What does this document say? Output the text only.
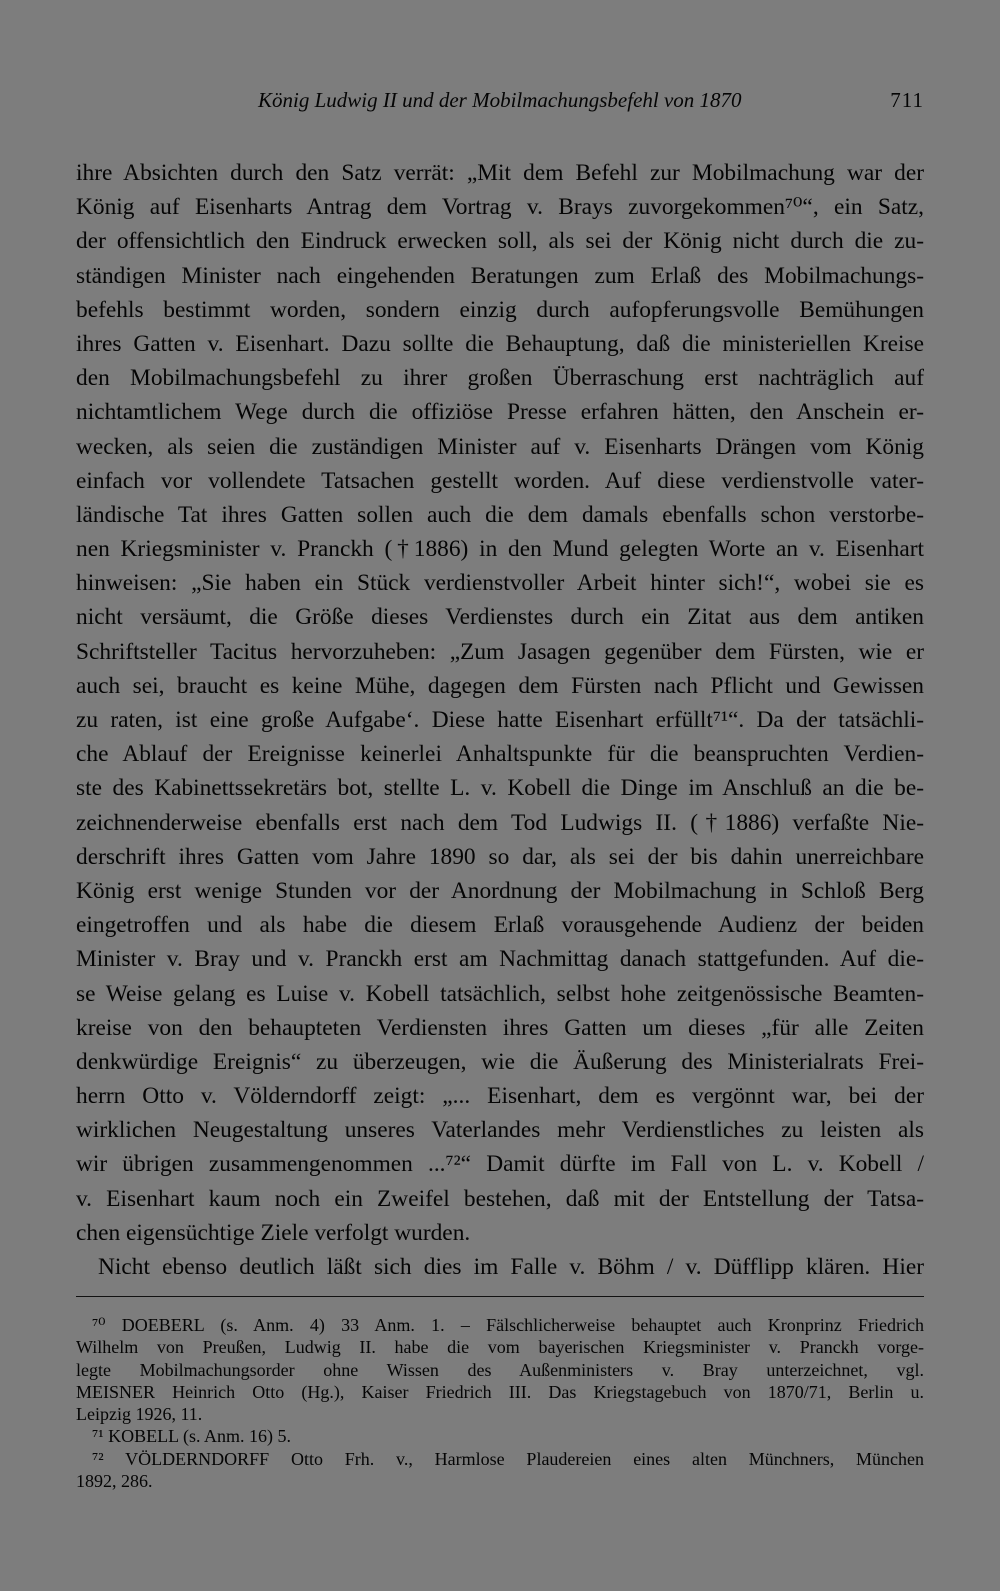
König Ludwig II und der Mobilmachungsbefehl von 1870	711
ihre Absichten durch den Satz verrät: „Mit dem Befehl zur Mobilmachung war der
König auf Eisenharts Antrag dem Vortrag v. Brays zuvorgekommen⁷⁰“, ein Satz,
der offensichtlich den Eindruck erwecken soll, als sei der König nicht durch die zu-
ständigen Minister nach eingehenden Beratungen zum Erlaß des Mobilmachungs-
befehls bestimmt worden, sondern einzig durch aufopferungsvolle Bemühungen
ihres Gatten v. Eisenhart. Dazu sollte die Behauptung, daß die ministeriellen Kreise
den Mobilmachungsbefehl zu ihrer großen Überraschung erst nachträglich auf
nichtamtlichem Wege durch die offiziöse Presse erfahren hätten, den Anschein er-
wecken, als seien die zuständigen Minister auf v. Eisenharts Drängen vom König
einfach vor vollendete Tatsachen gestellt worden. Auf diese verdienstvolle vater-
ländische Tat ihres Gatten sollen auch die dem damals ebenfalls schon verstorbe-
nen Kriegsminister v. Pranckh (†1886) in den Mund gelegten Worte an v. Eisenhart
hinweisen: „Sie haben ein Stück verdienstvoller Arbeit hinter sich!“, wobei sie es
nicht versäumt, die Größe dieses Verdienstes durch ein Zitat aus dem antiken
Schriftsteller Tacitus hervorzuheben: „Zum Jasagen gegenüber dem Fürsten, wie er
auch sei, braucht es keine Mühe, dagegen dem Fürsten nach Pflicht und Gewissen
zu raten, ist eine große Aufgabe‘. Diese hatte Eisenhart erfüllt⁷¹“. Da der tatsächli-
che Ablauf der Ereignisse keinerlei Anhaltspunkte für die beanspruchten Verdien-
ste des Kabinettssekretärs bot, stellte L. v. Kobell die Dinge im Anschluß an die be-
zeichnenderweise ebenfalls erst nach dem Tod Ludwigs II. (†1886) verfaßte Nie-
derschrift ihres Gatten vom Jahre 1890 so dar, als sei der bis dahin unerreichbare
König erst wenige Stunden vor der Anordnung der Mobilmachung in Schloß Berg
eingetroffen und als habe die diesem Erlaß vorausgehende Audienz der beiden
Minister v. Bray und v. Pranckh erst am Nachmittag danach stattgefunden. Auf die-
se Weise gelang es Luise v. Kobell tatsächlich, selbst hohe zeitgenössische Beamten-
kreise von den behaupteten Verdiensten ihres Gatten um dieses „für alle Zeiten
denkwürdige Ereignis“ zu überzeugen, wie die Äußerung des Ministerialrats Frei-
herrn Otto v. Völderndorff zeigt: „... Eisenhart, dem es vergönnt war, bei der
wirklichen Neugestaltung unseres Vaterlandes mehr Verdienstliches zu leisten als
wir übrigen zusammengenommen ...⁷²“ Damit dürfte im Fall von L. v. Kobell /
v. Eisenhart kaum noch ein Zweifel bestehen, daß mit der Entstellung der Tatsa-
chen eigensüchtige Ziele verfolgt wurden.
Nicht ebenso deutlich läßt sich dies im Falle v. Böhm / v. Düfflipp klären. Hier
⁷⁰ DOEBERL (s. Anm. 4) 33 Anm. 1. – Fälschlicherweise behauptet auch Kronprinz Friedrich
Wilhelm von Preußen, Ludwig II. habe die vom bayerischen Kriegsminister v. Pranckh vorge-
legte Mobilmachungsorder ohne Wissen des Außenministers v. Bray unterzeichnet, vgl.
MEISNER Heinrich Otto (Hg.), Kaiser Friedrich III. Das Kriegstagebuch von 1870/71, Berlin u.
Leipzig 1926, 11.
⁷¹ KOBELL (s. Anm. 16) 5.
⁷² VÖLDERNDORFF Otto Frh. v., Harmlose Plaudereien eines alten Münchners, München
1892, 286.
